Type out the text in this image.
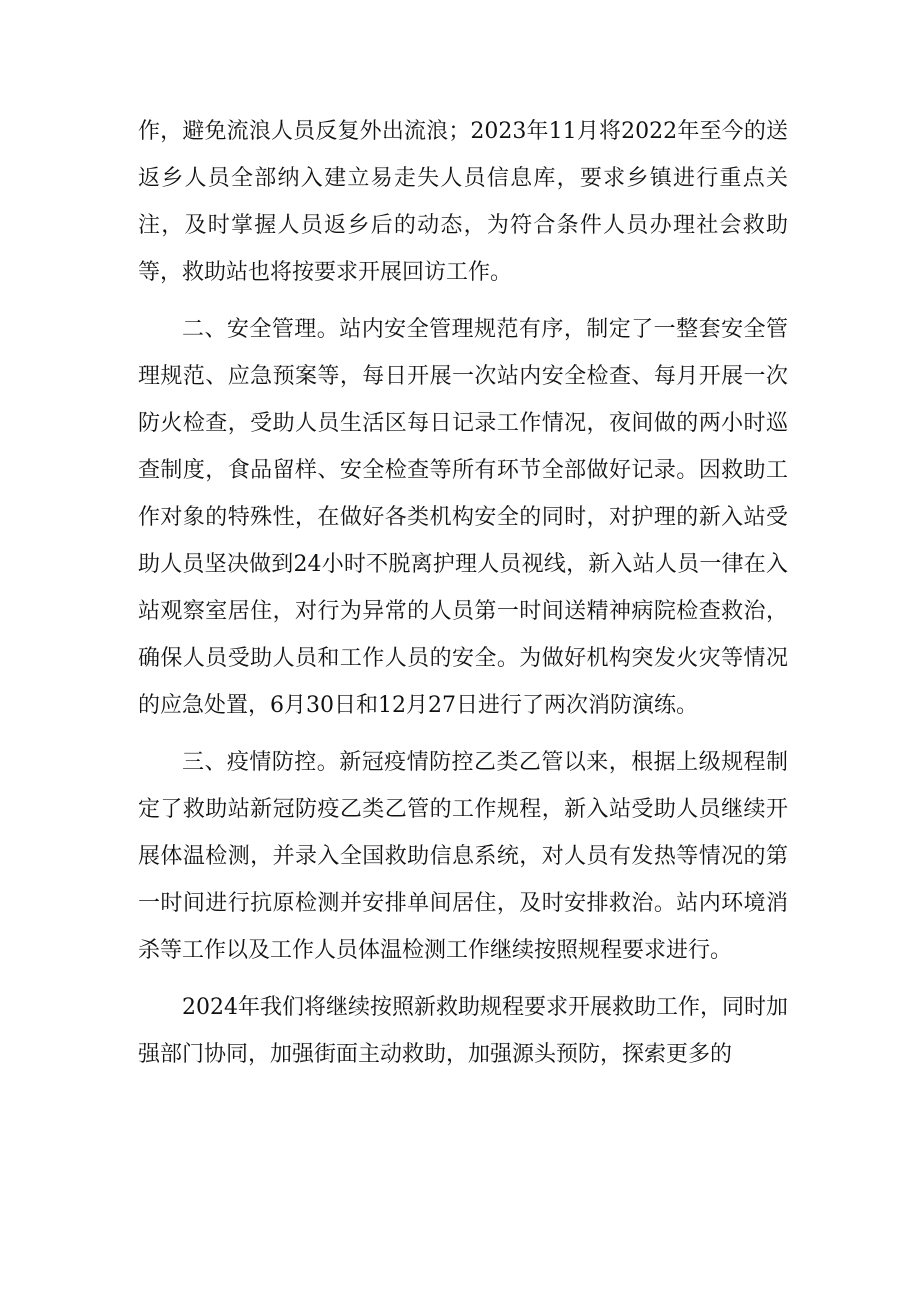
作，避免流浪人员反复外出流浪；2023年11月将2022年至今的送返乡人员全部纳入建立易走失人员信息库，要求乡镇进行重点关注，及时掌握人员返乡后的动态，为符合条件人员办理社会救助等，救助站也将按要求开展回访工作。

二、安全管理。站内安全管理规范有序，制定了一整套安全管理规范、应急预案等，每日开展一次站内安全检查、每月开展一次防火检查，受助人员生活区每日记录工作情况，夜间做的两小时巡查制度，食品留样、安全检查等所有环节全部做好记录。因救助工作对象的特殊性，在做好各类机构安全的同时，对护理的新入站受助人员坚决做到24小时不脱离护理人员视线，新入站人员一律在入站观察室居住，对行为异常的人员第一时间送精神病院检查救治，确保人员受助人员和工作人员的安全。为做好机构突发火灾等情况的应急处置，6月30日和12月27日进行了两次消防演练。

三、疫情防控。新冠疫情防控乙类乙管以来，根据上级规程制定了救助站新冠防疫乙类乙管的工作规程，新入站受助人员继续开展体温检测，并录入全国救助信息系统，对人员有发热等情况的第一时间进行抗原检测并安排单间居住，及时安排救治。站内环境消杀等工作以及工作人员体温检测工作继续按照规程要求进行。

2024年我们将继续按照新救助规程要求开展救助工作，同时加强部门协同，加强街面主动救助，加强源头预防，探索更多的
